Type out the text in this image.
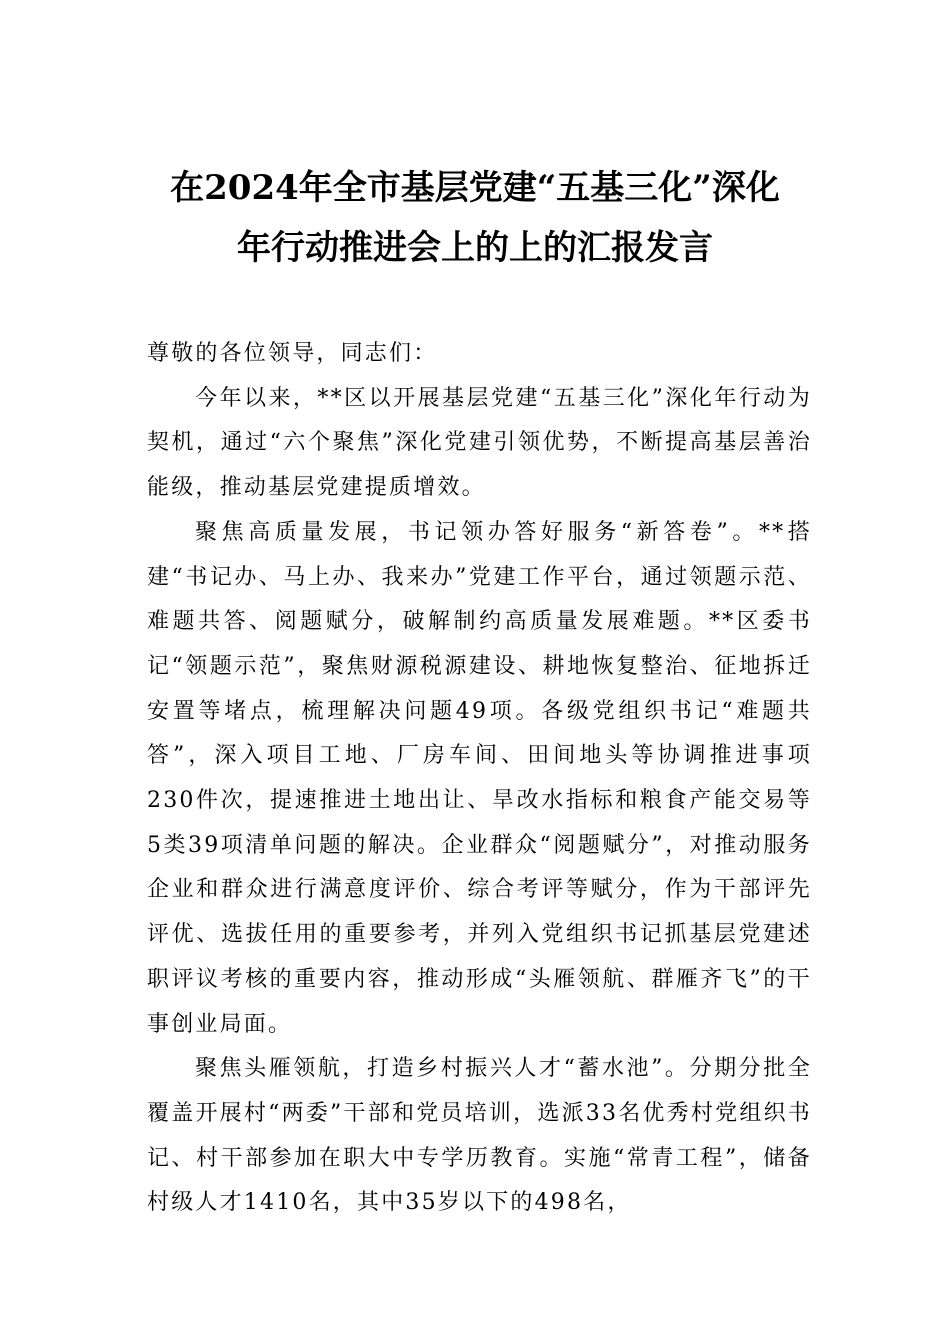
在2024年全市基层党建“五基三化”深化
年行动推进会上的上的汇报发言

尊敬的各位领导，同志们：

今年以来，**区以开展基层党建“五基三化”深化年行动为契机，通过“六个聚焦”深化党建引领优势，不断提高基层善治能级，推动基层党建提质增效。

聚焦高质量发展，书记领办答好服务“新答卷”。**搭建“书记办、马上办、我来办”党建工作平台，通过领题示范、难题共答、阅题赋分，破解制约高质量发展难题。**区委书记“领题示范”，聚焦财源税源建设、耕地恢复整治、征地拆迁安置等堵点，梳理解决问题49项。各级党组织书记“难题共答”，深入项目工地、厂房车间、田间地头等协调推进事项230件次，提速推进土地出让、旱改水指标和粮食产能交易等5类39项清单问题的解决。企业群众“阅题赋分”，对推动服务企业和群众进行满意度评价、综合考评等赋分，作为干部评先评优、选拔任用的重要参考，并列入党组织书记抓基层党建述职评议考核的重要内容，推动形成“头雁领航、群雁齐飞”的干事创业局面。

聚焦头雁领航，打造乡村振兴人才“蓄水池”。分期分批全覆盖开展村“两委”干部和党员培训，选派33名优秀村党组织书记、村干部参加在职大中专学历教育。实施“常青工程”，储备村级人才1410名，其中35岁以下的498名，
